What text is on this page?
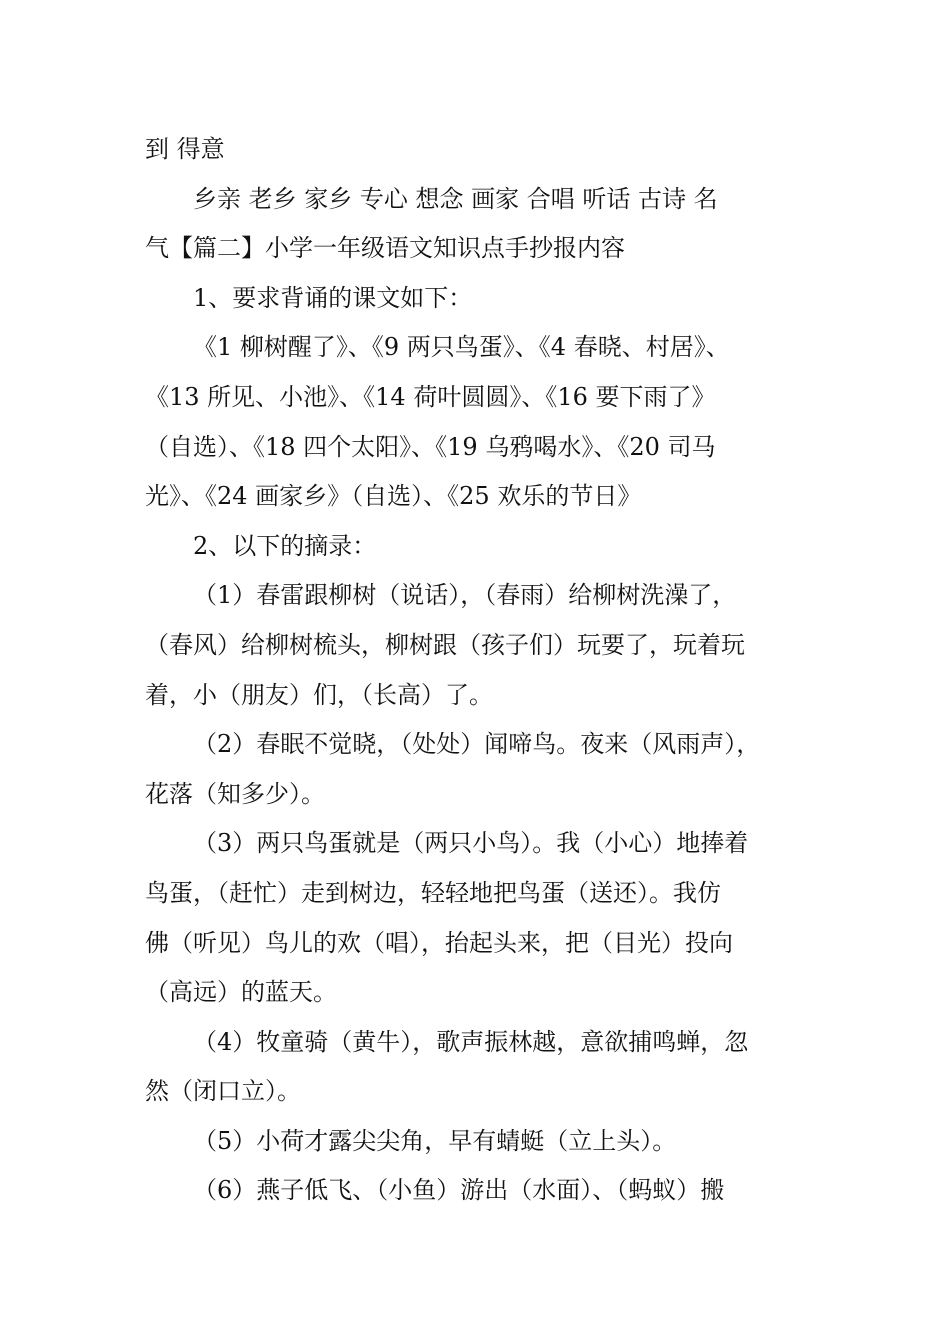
到 得意
乡亲 老乡 家乡 专心 想念 画家 合唱 听话 古诗 名
气【篇二】小学一年级语文知识点手抄报内容
1、要求背诵的课文如下：
《1 柳树醒了》、《9 两只鸟蛋》、《4 春晓、村居》、
《13 所见、小池》、《14 荷叶圆圆》、《16 要下雨了》
（自选）、《18 四个太阳》、《19 乌鸦喝水》、《20 司马
光》、《24 画家乡》（自选）、《25 欢乐的节日》
2、以下的摘录：
（1）春雷跟柳树（说话），（春雨）给柳树洗澡了，
（春风）给柳树梳头，柳树跟（孩子们）玩要了，玩着玩
着，小（朋友）们，（长高）了。
（2）春眠不觉晓，（处处）闻啼鸟。夜来（风雨声），
花落（知多少）。
（3）两只鸟蛋就是（两只小鸟）。我（小心）地捧着
鸟蛋，（赶忙）走到树边，轻轻地把鸟蛋（送还）。我仿
佛（听见）鸟儿的欢（唱），抬起头来，把（目光）投向
（高远）的蓝天。
（4）牧童骑（黄牛），歌声振林越，意欲捕鸣蝉，忽
然（闭口立）。
（5）小荷才露尖尖角，早有蜻蜓（立上头）。
（6）燕子低飞、（小鱼）游出（水面）、（蚂蚁）搬
